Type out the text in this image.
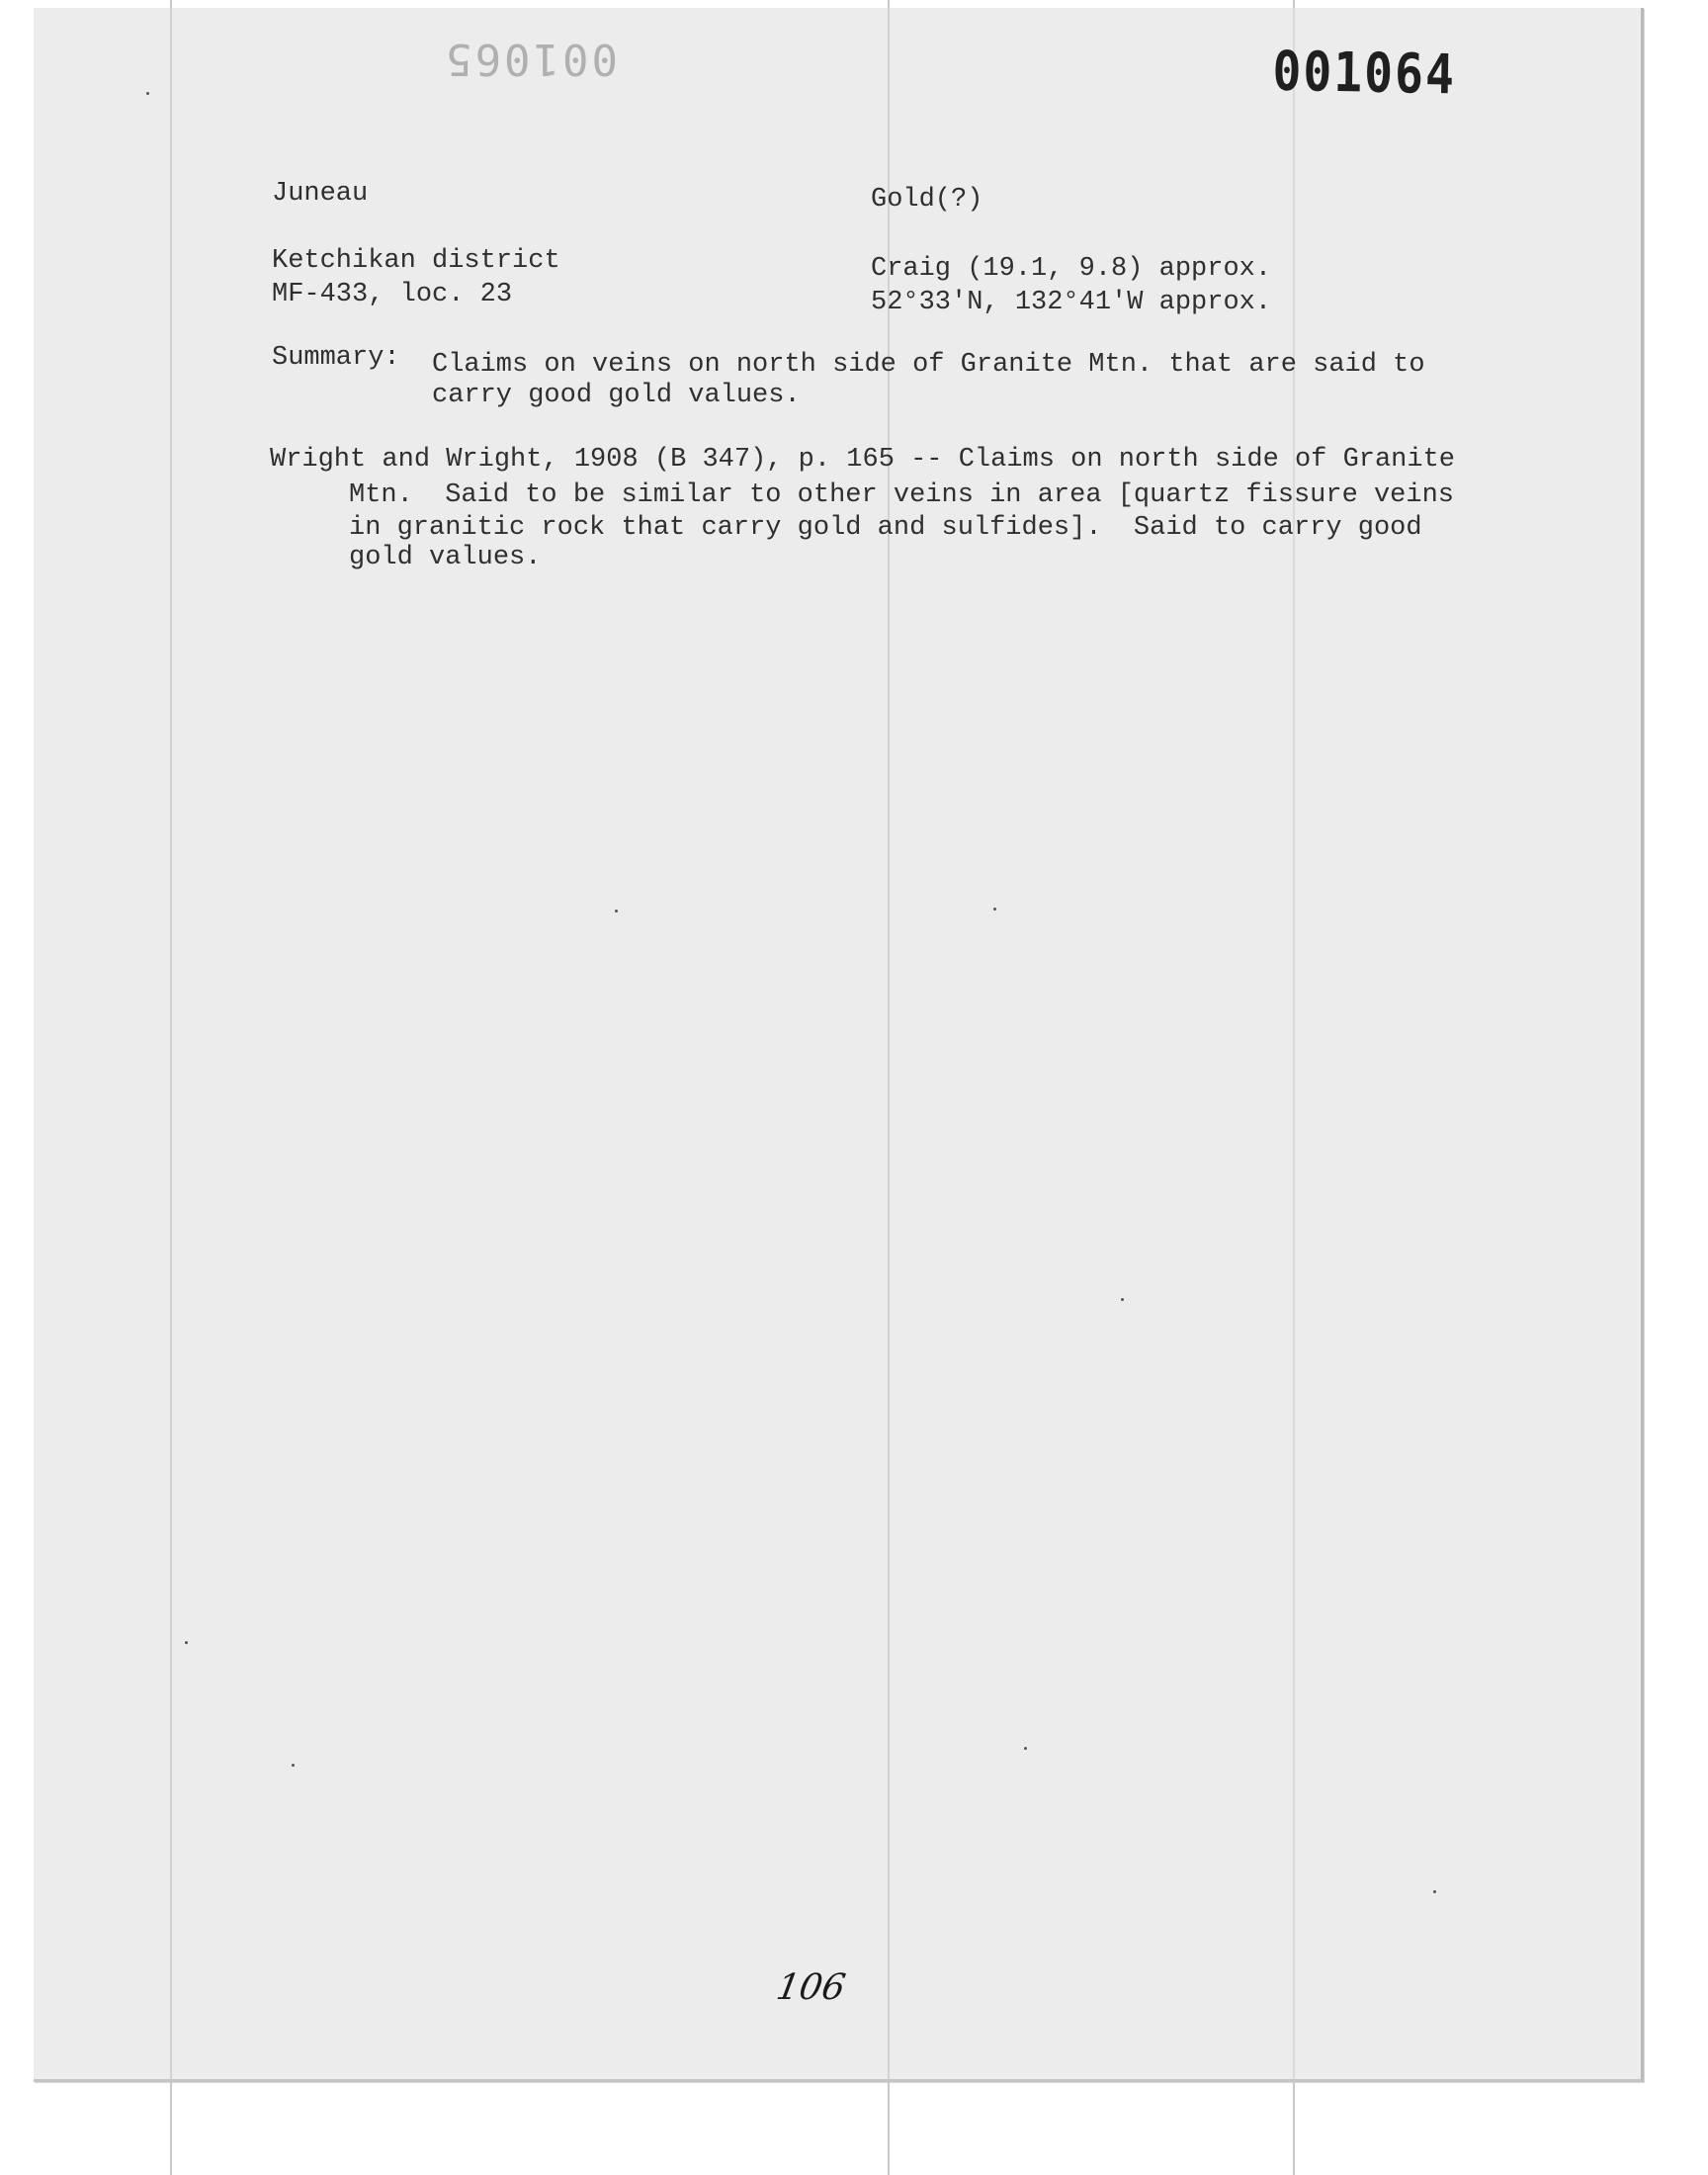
001065	001064
Juneau	Gold(?)
Ketchikan district
MF-433, loc. 23
Craig (19.1, 9.8) approx.
52°33'N, 132°41'W approx.
Summary: Claims on veins on north side of Granite Mtn. that are said to
carry good gold values.
Wright and Wright, 1908 (B 347), p. 165 -- Claims on north side of Granite
Mtn.  Said to be similar to other veins in area [quartz fissure veins
in granitic rock that carry gold and sulfides].  Said to carry good
gold values.
106
